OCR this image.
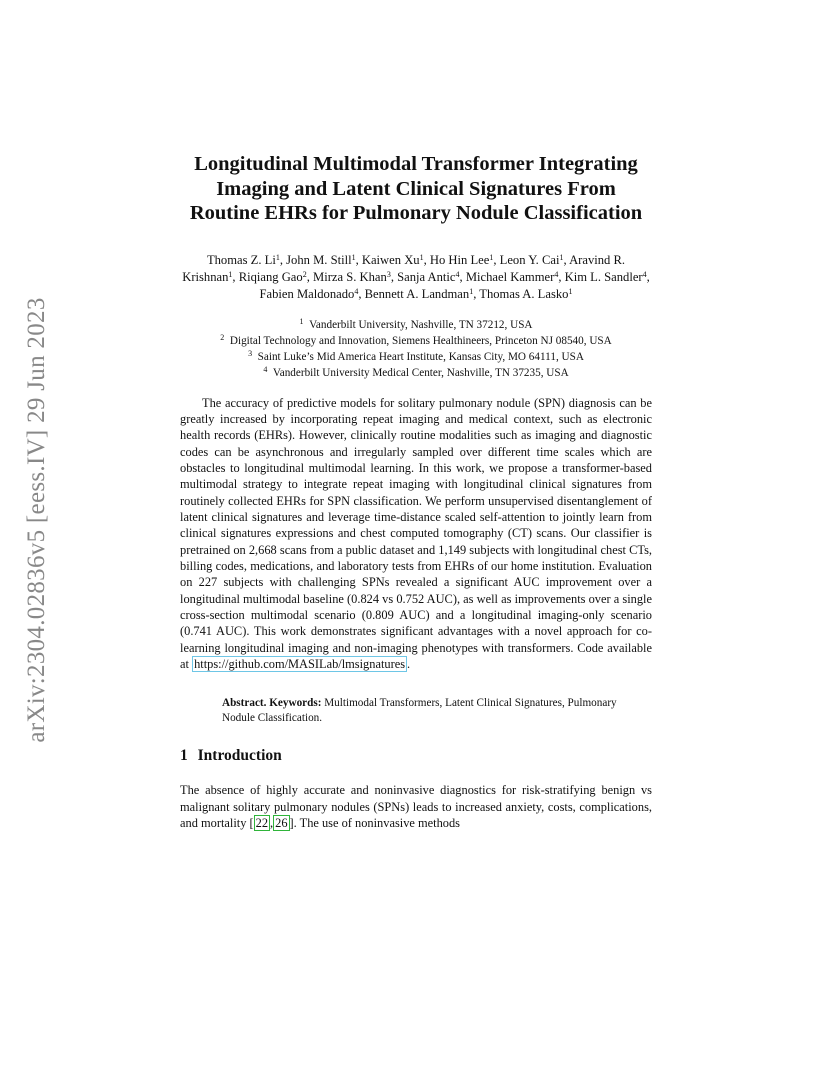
arXiv:2304.02836v5 [eess.IV] 29 Jun 2023
Longitudinal Multimodal Transformer Integrating Imaging and Latent Clinical Signatures From Routine EHRs for Pulmonary Nodule Classification
Thomas Z. Li$^1$, John M. Still$^1$, Kaiwen Xu$^1$, Ho Hin Lee$^1$, Leon Y. Cai$^1$, Aravind R. Krishnan$^1$, Riqiang Gao$^2$, Mirza S. Khan$^3$, Sanja Antic$^4$, Michael Kammer$^4$, Kim L. Sandler$^4$, Fabien Maldonado$^4$, Bennett A. Landman$^1$, Thomas A. Lasko$^1$
$^1$  Vanderbilt University, Nashville, TN 37212, USA
$^2$  Digital Technology and Innovation, Siemens Healthineers, Princeton NJ 08540, USA
$^3$  Saint Luke’s Mid America Heart Institute, Kansas City, MO 64111, USA
$^4$  Vanderbilt University Medical Center, Nashville, TN 37235, USA
The accuracy of predictive models for solitary pulmonary nodule (SPN) diagnosis can be greatly increased by incorporating repeat imaging and medical context, such as electronic health records (EHRs). However, clinically routine modalities such as imaging and diagnostic codes can be asynchronous and irregularly sampled over different time scales which are obstacles to longitudinal multimodal learning. In this work, we propose a transformer-based multimodal strategy to integrate repeat imaging with longitudinal clinical signatures from routinely collected EHRs for SPN classification. We perform unsupervised disentanglement of latent clinical signatures and leverage time-distance scaled self-attention to jointly learn from clinical signatures expressions and chest computed tomography (CT) scans. Our classifier is pretrained on 2,668 scans from a public dataset and 1,149 subjects with longitudinal chest CTs, billing codes, medications, and laboratory tests from EHRs of our home institution. Evaluation on 227 subjects with challenging SPNs revealed a significant AUC improvement over a longitudinal multimodal baseline (0.824 vs 0.752 AUC), as well as improvements over a single cross-section multimodal scenario (0.809 AUC) and a longitudinal imaging-only scenario (0.741 AUC). This work demonstrates significant advantages with a novel approach for co-learning longitudinal imaging and non-imaging phenotypes with transformers. Code available at https://github.com/MASILab/lmsignatures .
Abstract. Keywords: Multimodal Transformers, Latent Clinical Signatures, Pulmonary Nodule Classification.
1 Introduction
The absence of highly accurate and noninvasive diagnostics for risk-stratifying benign vs malignant solitary pulmonary nodules (SPNs) leads to increased anxiety, costs, complications, and mortality [ 22 , 26 ]. The use of noninvasive methods
